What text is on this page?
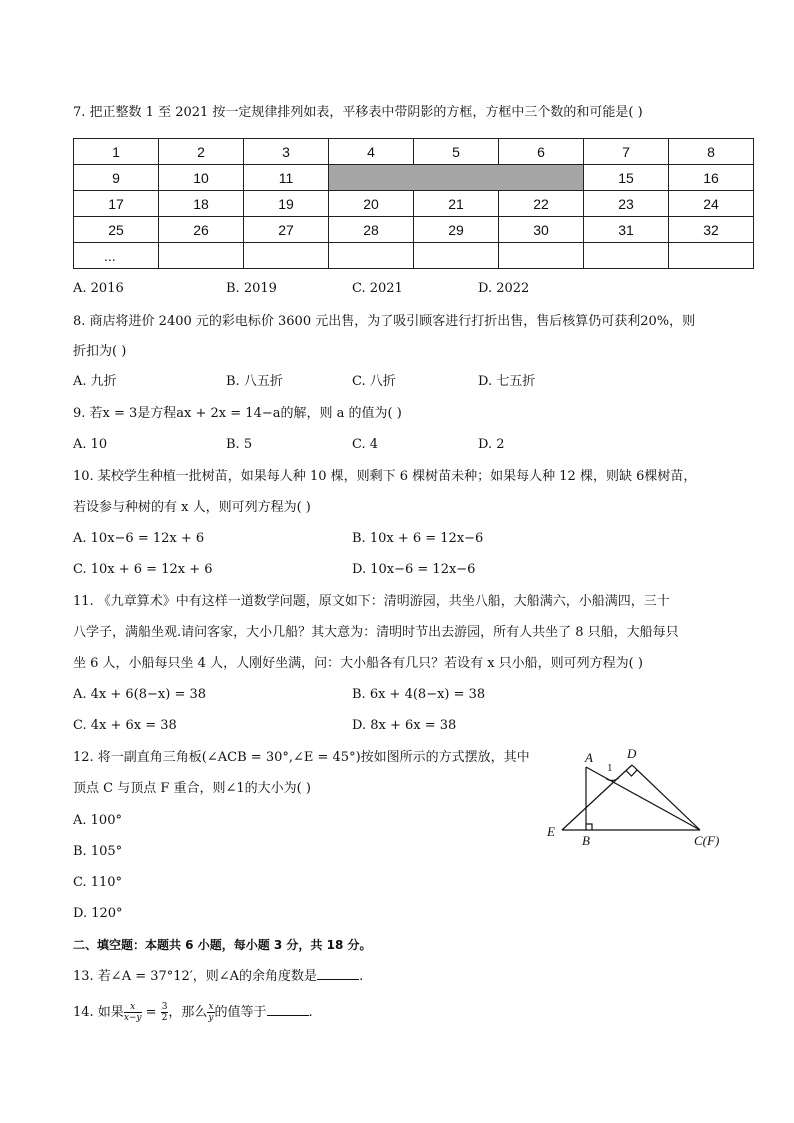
7. 把正整数 1 至 2021 按一定规律排列如表，平移表中带阴影的方框，方框中三个数的和可能是( )
1	2	3	4	5	6	7	8
9	10	11				15	16
17	18	19	20	21	22	23	24
25	26	27	28	29	30	31	32
...							
A. 2016	B. 2019	C. 2021	D. 2022
8. 商店将进价 2400 元的彩电标价 3600 元出售，为了吸引顾客进行打折出售，售后核算仍可获利20%，则
折扣为( )
A. 九折	B. 八五折	C. 八折	D. 七五折
9. 若x = 3是方程ax + 2x = 14−a的解，则 a 的值为( )
A. 10	B. 5	C. 4	D. 2
10. 某校学生种植一批树苗，如果每人种 10 棵，则剩下 6 棵树苗未种；如果每人种 12 棵，则缺 6棵树苗，
若设参与种树的有 x 人，则可列方程为( )
A. 10x−6 = 12x + 6	B. 10x + 6 = 12x−6
C. 10x + 6 = 12x + 6	D. 10x−6 = 12x−6
11. 《九章算术》中有这样一道数学问题，原文如下：清明游园，共坐八船，大船满六，小船满四，三十
八学子，满船坐观.请问客家，大小几船？其大意为：清明时节出去游园，所有人共坐了 8 只船，大船每只
坐 6 人，小船每只坐 4 人，人刚好坐满，问：大小船各有几只？若设有 x 只小船，则可列方程为( )
A. 4x + 6(8−x) = 38	B. 6x + 4(8−x) = 38
C. 4x + 6x = 38	D. 8x + 6x = 38
12. 将一副直角三角板(∠ACB = 30°,∠E = 45°)按如图所示的方式摆放，其中
顶点 C 与顶点 F 重合，则∠1的大小为( )
A. 100°
B. 105°
C. 110°
D. 120°
A	D
E
B	C(F)
1
二、填空题：本题共 6 小题，每小题 3 分，共 18 分。
13. 若∠A = 37°12′，则∠A的余角度数是	.
14. 如果 $\frac{x}{x-y} = \frac{3}{2}$ ，那么 $\frac{x}{y}$ 的值等于	.
